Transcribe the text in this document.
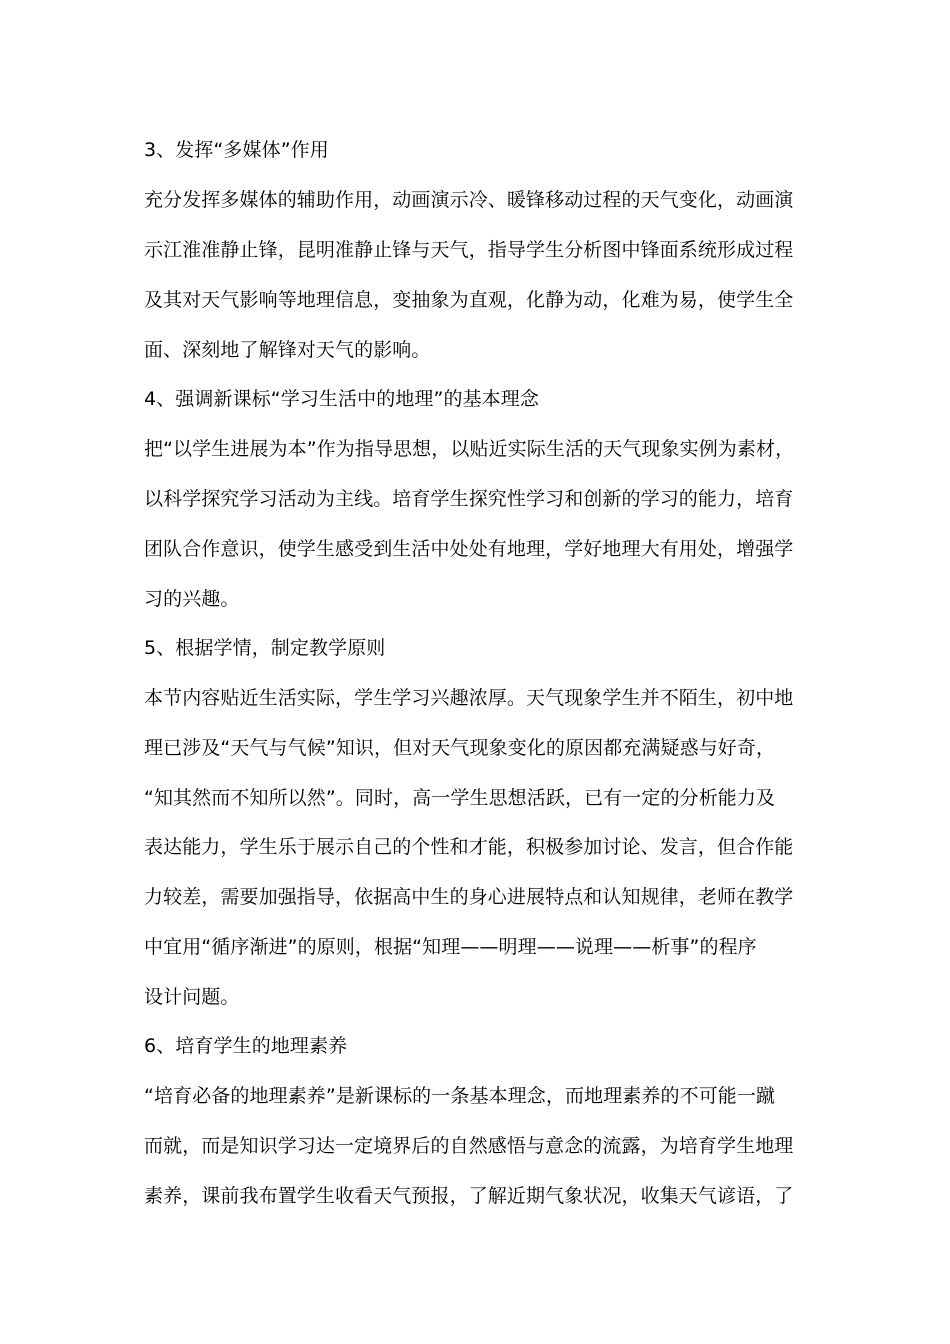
3、发挥“多媒体”作用
充分发挥多媒体的辅助作用，动画演示冷、暖锋移动过程的天气变化，动画演
示江淮准静止锋，昆明准静止锋与天气，指导学生分析图中锋面系统形成过程
及其对天气影响等地理信息，变抽象为直观，化静为动，化难为易，使学生全
面、深刻地了解锋对天气的影响。
4、强调新课标“学习生活中的地理”的基本理念
把“以学生进展为本”作为指导思想，以贴近实际生活的天气现象实例为素材，
以科学探究学习活动为主线。培育学生探究性学习和创新的学习的能力，培育
团队合作意识，使学生感受到生活中处处有地理，学好地理大有用处，增强学
习的兴趣。
5、根据学情，制定教学原则
本节内容贴近生活实际，学生学习兴趣浓厚。天气现象学生并不陌生，初中地
理已涉及“天气与气候”知识，但对天气现象变化的原因都充满疑惑与好奇，
“知其然而不知所以然”。同时，高一学生思想活跃，已有一定的分析能力及
表达能力，学生乐于展示自己的个性和才能，积极参加讨论、发言，但合作能
力较差，需要加强指导，依据高中生的身心进展特点和认知规律，老师在教学
中宜用“循序渐进”的原则，根据“知理——明理——说理——析事”的程序
设计问题。
6、培育学生的地理素养
“培育必备的地理素养”是新课标的一条基本理念，而地理素养的不可能一蹴
而就，而是知识学习达一定境界后的自然感悟与意念的流露，为培育学生地理
素养，课前我布置学生收看天气预报，了解近期气象状况，收集天气谚语，了
